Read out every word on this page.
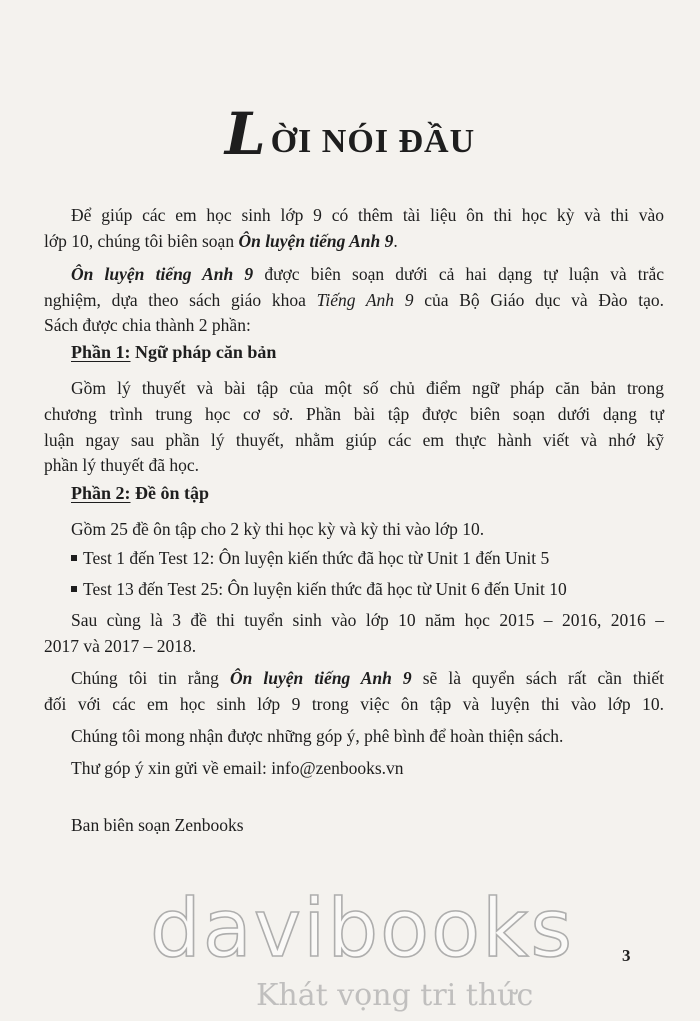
LỜI NÓI ĐẦU
Để giúp các em học sinh lớp 9 có thêm tài liệu ôn thi học kỳ và thi vào
lớp 10, chúng tôi biên soạn Ôn luyện tiếng Anh 9.
Ôn luyện tiếng Anh 9 được biên soạn dưới cả hai dạng tự luận và trắc
nghiệm, dựa theo sách giáo khoa Tiếng Anh 9 của Bộ Giáo dục và Đào tạo.
Sách được chia thành 2 phần:
Phần 1: Ngữ pháp căn bản
Gồm lý thuyết và bài tập của một số chủ điểm ngữ pháp căn bản trong
chương trình trung học cơ sở. Phần bài tập được biên soạn dưới dạng tự
luận ngay sau phần lý thuyết, nhằm giúp các em thực hành viết và nhớ kỹ
phần lý thuyết đã học.
Phần 2: Đề ôn tập
Gồm 25 đề ôn tập cho 2 kỳ thi học kỳ và kỳ thi vào lớp 10.
Test 1 đến Test 12: Ôn luyện kiến thức đã học từ Unit 1 đến Unit 5
Test 13 đến Test 25: Ôn luyện kiến thức đã học từ Unit 6 đến Unit 10
Sau cùng là 3 đề thi tuyển sinh vào lớp 10 năm học 2015 – 2016, 2016 –
2017 và 2017 – 2018.
Chúng tôi tin rằng Ôn luyện tiếng Anh 9 sẽ là quyển sách rất cần thiết
đối với các em học sinh lớp 9 trong việc ôn tập và luyện thi vào lớp 10.
Chúng tôi mong nhận được những góp ý, phê bình để hoàn thiện sách.
Thư góp ý xin gửi về email: info@zenbooks.vn
Ban biên soạn Zenbooks
3
davibooks
Khát vọng tri thức
